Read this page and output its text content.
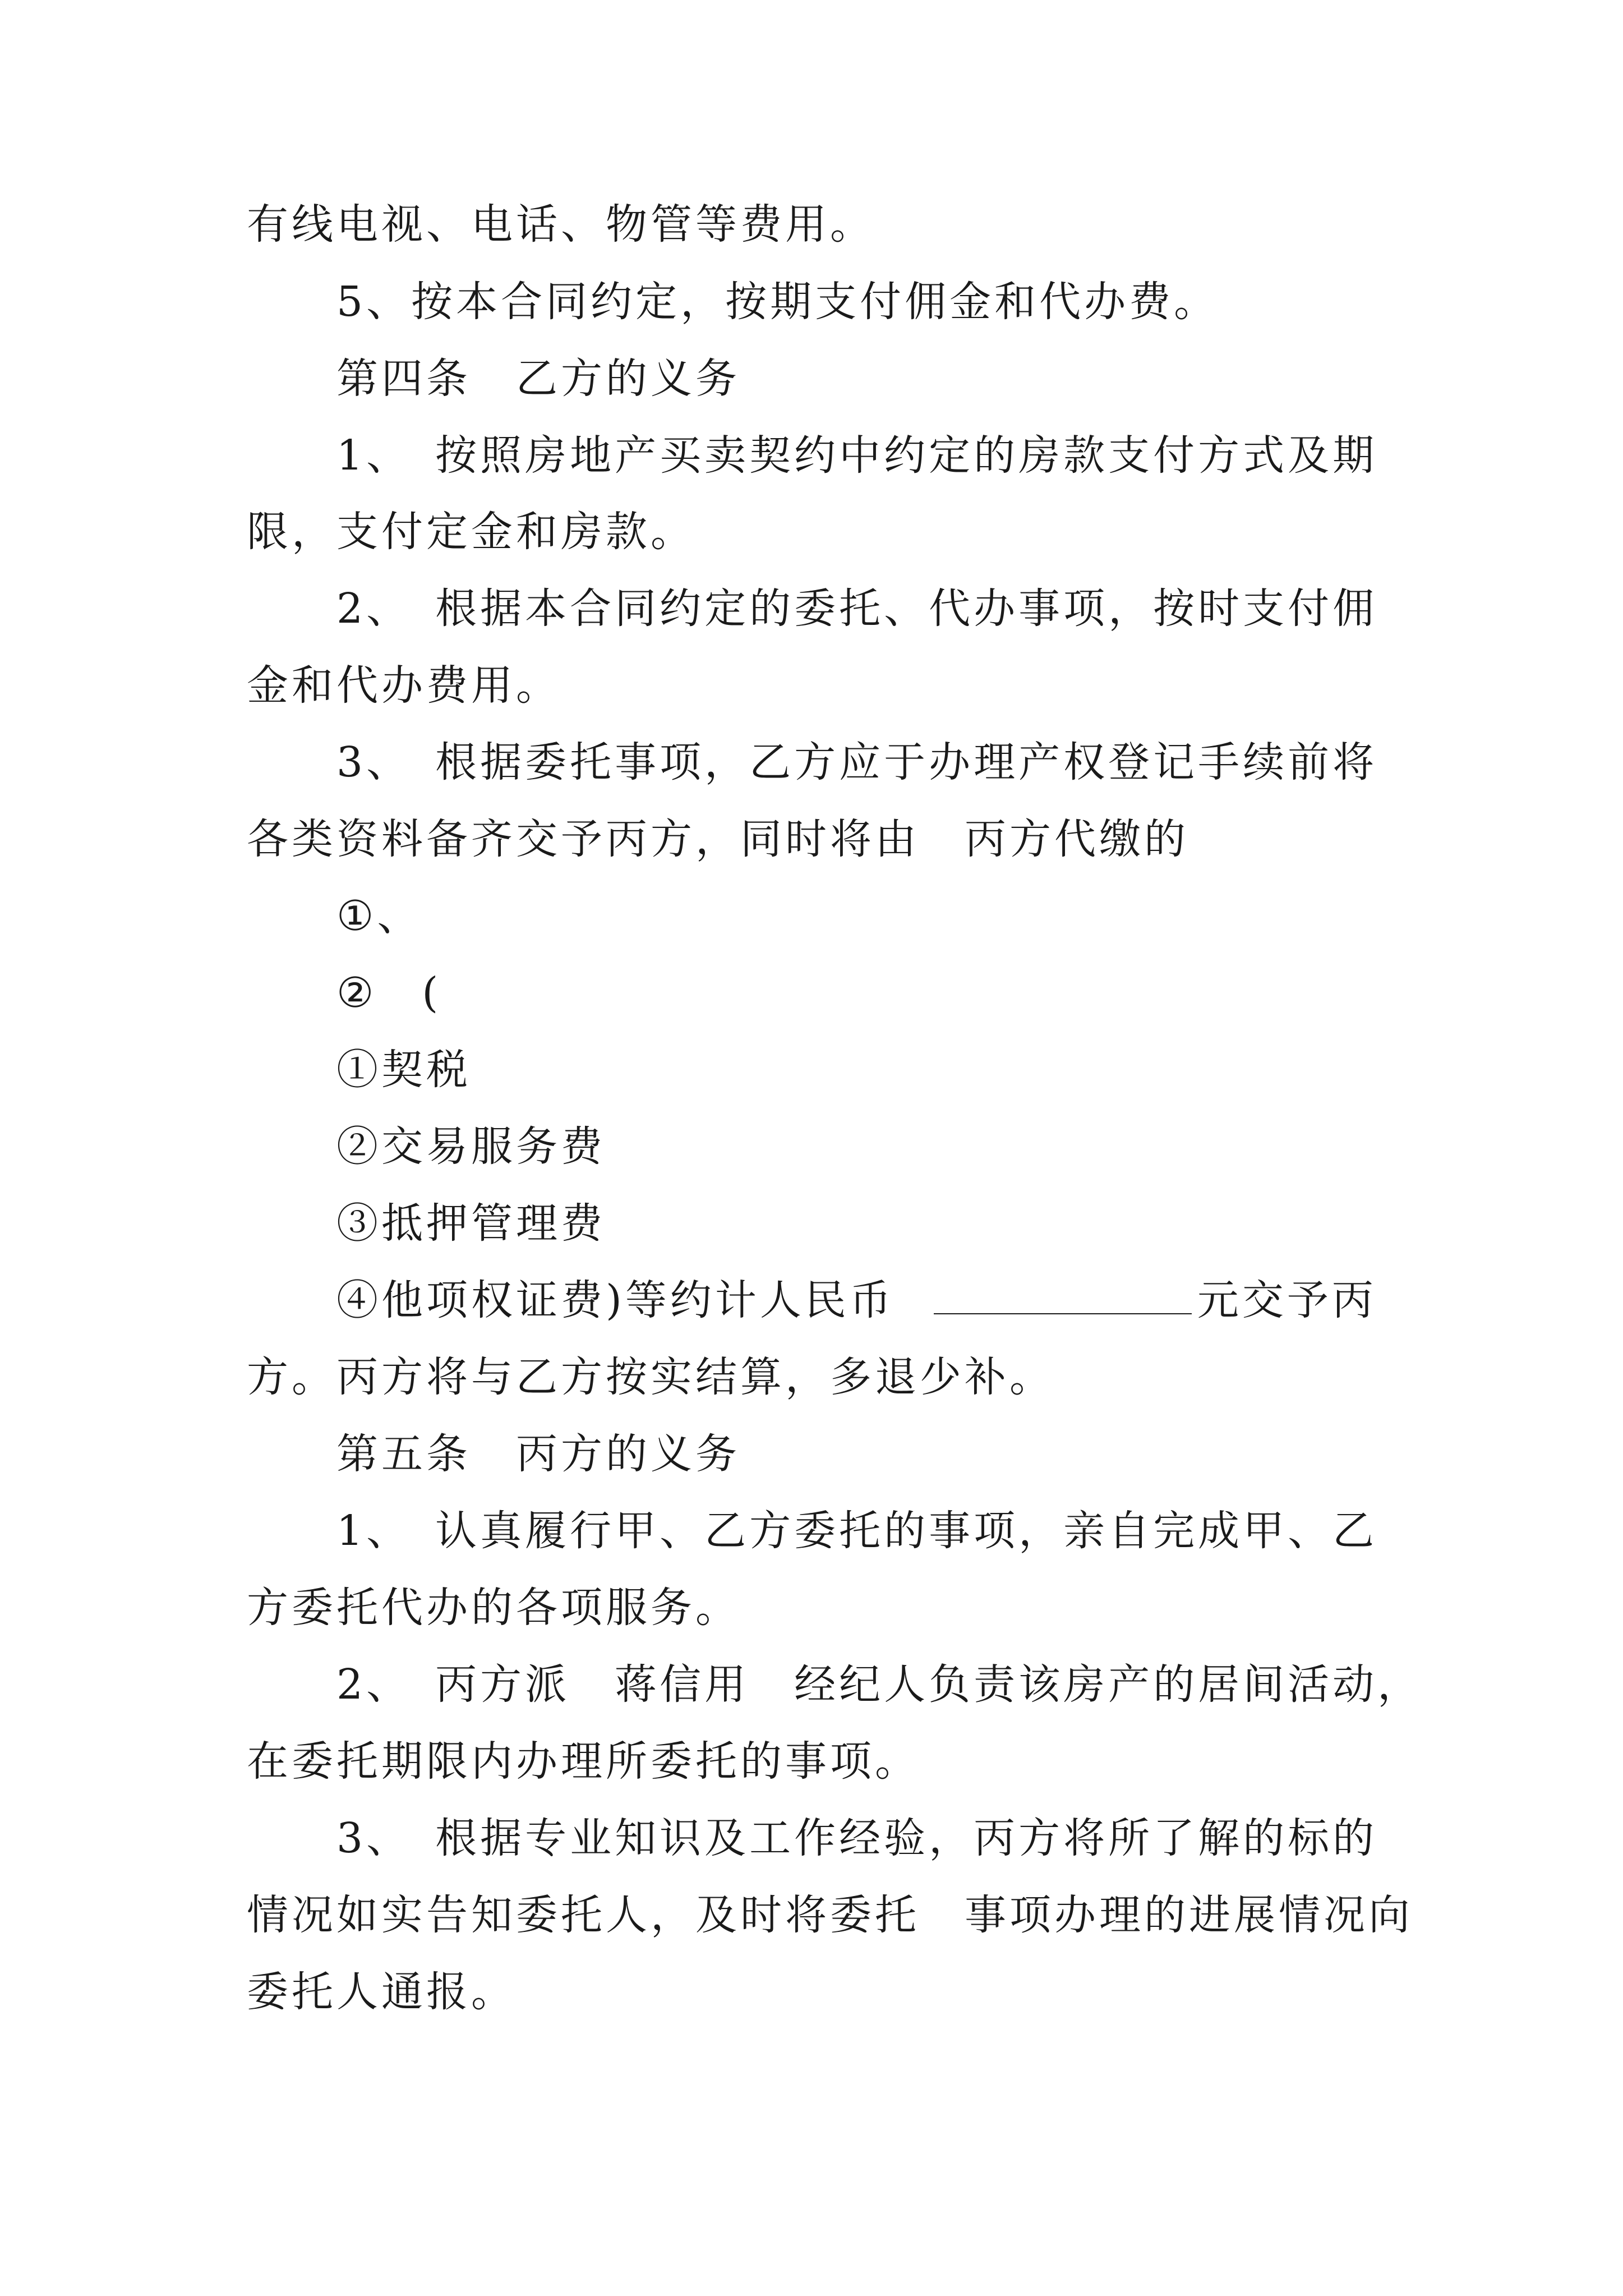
有线电视、电话、物管等费用。
5、按本合同约定，按期支付佣金和代办费。
第四条　乙方的义务
1、　按照房地产买卖契约中约定的房款支付方式及期
限，支付定金和房款。
2、　根据本合同约定的委托、代办事项，按时支付佣
金和代办费用。
3、　根据委托事项，乙方应于办理产权登记手续前将
各类资料备齐交予丙方，同时将由　丙方代缴的
①、
②　(
①契税
②交易服务费
③抵押管理费
④他项权证费)等约计人民币	元交予丙
方。丙方将与乙方按实结算，多退少补。
第五条　丙方的义务
1、　认真履行甲、乙方委托的事项，亲自完成甲、乙
方委托代办的各项服务。
2、　丙方派　蒋信用　经纪人负责该房产的居间活动，
在委托期限内办理所委托的事项。
3、　根据专业知识及工作经验，丙方将所了解的标的
情况如实告知委托人，及时将委托　事项办理的进展情况向
委托人通报。
